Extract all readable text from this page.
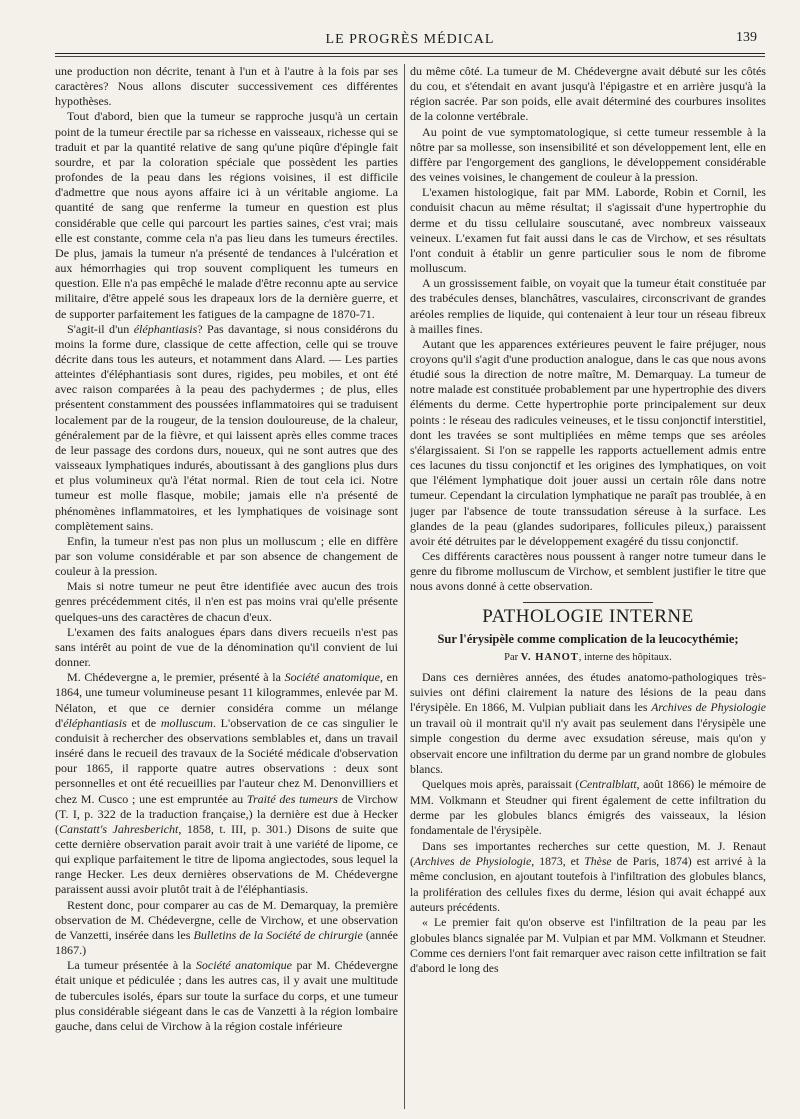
LE PROGRÈS MÉDICAL	139

une production non décrite, tenant à l'un et à l'autre à la fois par ses caractères? Nous allons discuter successivement ces différentes hypothèses.

Tout d'abord, bien que la tumeur se rapproche jusqu'à un certain point de la tumeur érectile par sa richesse en vaisseaux, richesse qui se traduit et par la quantité relative de sang qu'une piqûre d'épingle fait sourdre, et par la coloration spéciale que possèdent les parties profondes de la peau dans les régions voisines, il est difficile d'admettre que nous ayons affaire ici à un véritable angiome. La quantité de sang que renferme la tumeur en question est plus considérable que celle qui parcourt les parties saines, c'est vrai; mais elle est constante, comme cela n'a pas lieu dans les tumeurs érectiles. De plus, jamais la tumeur n'a présenté de tendances à l'ulcération et aux hémorrhagies qui trop souvent compliquent les tumeurs en question. Elle n'a pas empêché le malade d'être reconnu apte au service militaire, d'être appelé sous les drapeaux lors de la dernière guerre, et de supporter parfaitement les fatigues de la campagne de 1870-71.

S'agit-il d'un éléphantiasis? Pas davantage, si nous considérons du moins la forme dure, classique de cette affection, celle qui se trouve décrite dans tous les auteurs, et notamment dans Alard. — Les parties atteintes d'éléphantiasis sont dures, rigides, peu mobiles, et ont été avec raison comparées à la peau des pachydermes ; de plus, elles présentent constamment des poussées inflammatoires qui se traduisent localement par de la rougeur, de la tension douloureuse, de la chaleur, généralement par de la fièvre, et qui laissent après elles comme traces de leur passage des cordons durs, noueux, qui ne sont autres que des vaisseaux lymphatiques indurés, aboutissant à des ganglions plus durs et plus volumineux qu'à l'état normal. Rien de tout cela ici. Notre tumeur est molle flasque, mobile; jamais elle n'a présenté de phénomènes inflammatoires, et les lymphatiques de voisinage sont complètement sains.

Enfin, la tumeur n'est pas non plus un molluscum ; elle en diffère par son volume considérable et par son absence de changement de couleur à la pression.

Mais si notre tumeur ne peut être identifiée avec aucun des trois genres précédemment cités, il n'en est pas moins vrai qu'elle présente quelques-uns des caractères de chacun d'eux.

L'examen des faits analogues épars dans divers recueils n'est pas sans intérêt au point de vue de la dénomination qu'il convient de lui donner.

M. Chédevergne a, le premier, présenté à la Société anatomique, en 1864, une tumeur volumineuse pesant 11 kilogrammes, enlevée par M. Nélaton, et que ce dernier considéra comme un mélange d'éléphantiasis et de molluscum. L'observation de ce cas singulier le conduisit à rechercher des observations semblables et, dans un travail inséré dans le recueil des travaux de la Société médicale d'observation pour 1865, il rapporte quatre autres observations : deux sont personnelles et ont été recueillies par l'auteur chez M. Denonvilliers et chez M. Cusco ; une est empruntée au Traité des tumeurs de Virchow (T. I, p. 322 de la traduction française,) la dernière est due à Hecker (Canstatt's Jahresbericht, 1858, t. III, p. 301.) Disons de suite que cette dernière observation parait avoir trait à une variété de lipome, ce qui explique parfaitement le titre de lipoma angiectodes, sous lequel la range Hecker. Les deux dernières observations de M. Chédevergne paraissent aussi avoir plutôt trait à de l'éléphantiasis.

Restent donc, pour comparer au cas de M. Demarquay, la première observation de M. Chédevergne, celle de Virchow, et une observation de Vanzetti, insérée dans les Bulletins de la Société de chirurgie (année 1867.)

La tumeur présentée à la Société anatomique par M. Chédevergne était unique et pédiculée ; dans les autres cas, il y avait une multitude de tubercules isolés, épars sur toute la surface du corps, et une tumeur plus considérable siégeant dans le cas de Vanzetti à la région lombaire gauche, dans celui de Virchow à la région costale inférieure

du même côté. La tumeur de M. Chédevergne avait débuté sur les côtés du cou, et s'étendait en avant jusqu'à l'épigastre et en arrière jusqu'à la région sacrée. Par son poids, elle avait déterminé des courbures insolites de la colonne vertébrale.

Au point de vue symptomatologique, si cette tumeur ressemble à la nôtre par sa mollesse, son insensibilité et son développement lent, elle en diffère par l'engorgement des ganglions, le développement considérable des veines voisines, le changement de couleur à la pression.

L'examen histologique, fait par MM. Laborde, Robin et Cornil, les conduisit chacun au même résultat; il s'agissait d'une hypertrophie du derme et du tissu cellulaire souscutané, avec nombreux vaisseaux veineux. L'examen fut fait aussi dans le cas de Virchow, et ses résultats l'ont conduit à établir un genre particulier sous le nom de fibrome molluscum.

A un grossissement faible, on voyait que la tumeur était constituée par des trabécules denses, blanchâtres, vasculaires, circonscrivant de grandes aréoles remplies de liquide, qui contenaient à leur tour un réseau fibreux à mailles fines.

Autant que les apparences extérieures peuvent le faire préjuger, nous croyons qu'il s'agit d'une production analogue, dans le cas que nous avons étudié sous la direction de notre maître, M. Demarquay. La tumeur de notre malade est constituée probablement par une hypertrophie des divers éléments du derme. Cette hypertrophie porte principalement sur deux points : le réseau des radicules veineuses, et le tissu conjonctif interstitiel, dont les travées se sont multipliées en même temps que ses aréoles s'élargissaient. Si l'on se rappelle les rapports actuellement admis entre ces lacunes du tissu conjonctif et les origines des lymphatiques, on voit que l'élément lymphatique doit jouer aussi un certain rôle dans notre tumeur. Cependant la circulation lymphatique ne paraît pas troublée, à en juger par l'absence de toute transsudation séreuse à la surface. Les glandes de la peau (glandes sudoripares, follicules pileux,) paraissent avoir été détruites par le développement exagéré du tissu conjonctif.

Ces différents caractères nous poussent à ranger notre tumeur dans le genre du fibrome molluscum de Virchow, et semblent justifier le titre que nous avons donné à cette observation.

PATHOLOGIE INTERNE
Sur l'érysipèle comme complication de la leucocythémie;
Par V. HANOT, interne des hôpitaux.

Dans ces dernières années, des études anatomo-pathologiques très-suivies ont défini clairement la nature des lésions de la peau dans l'érysipèle. En 1866, M. Vulpian publiait dans les Archives de Physiologie un travail où il montrait qu'il n'y avait pas seulement dans l'érysipèle une simple congestion du derme avec exsudation séreuse, mais qu'on y observait encore une infiltration du derme par un grand nombre de globules blancs.

Quelques mois après, paraissait (Centralblatt, août 1866) le mémoire de MM. Volkmann et Steudner qui firent également de cette infiltration du derme par les globules blancs émigrés des vaisseaux, la lésion fondamentale de l'érysipèle.

Dans ses importantes recherches sur cette question, M. J. Renaut (Archives de Physiologie, 1873, et Thèse de Paris, 1874) est arrivé à la même conclusion, en ajoutant toutefois à l'infiltration des globules blancs, la prolifération des cellules fixes du derme, lésion qui avait échappé aux auteurs précédents.

« Le premier fait qu'on observe est l'infiltration de la peau par les globules blancs signalée par M. Vulpian et par MM. Volkmann et Steudner. Comme ces derniers l'ont fait remarquer avec raison cette infiltration se fait d'abord le long des
